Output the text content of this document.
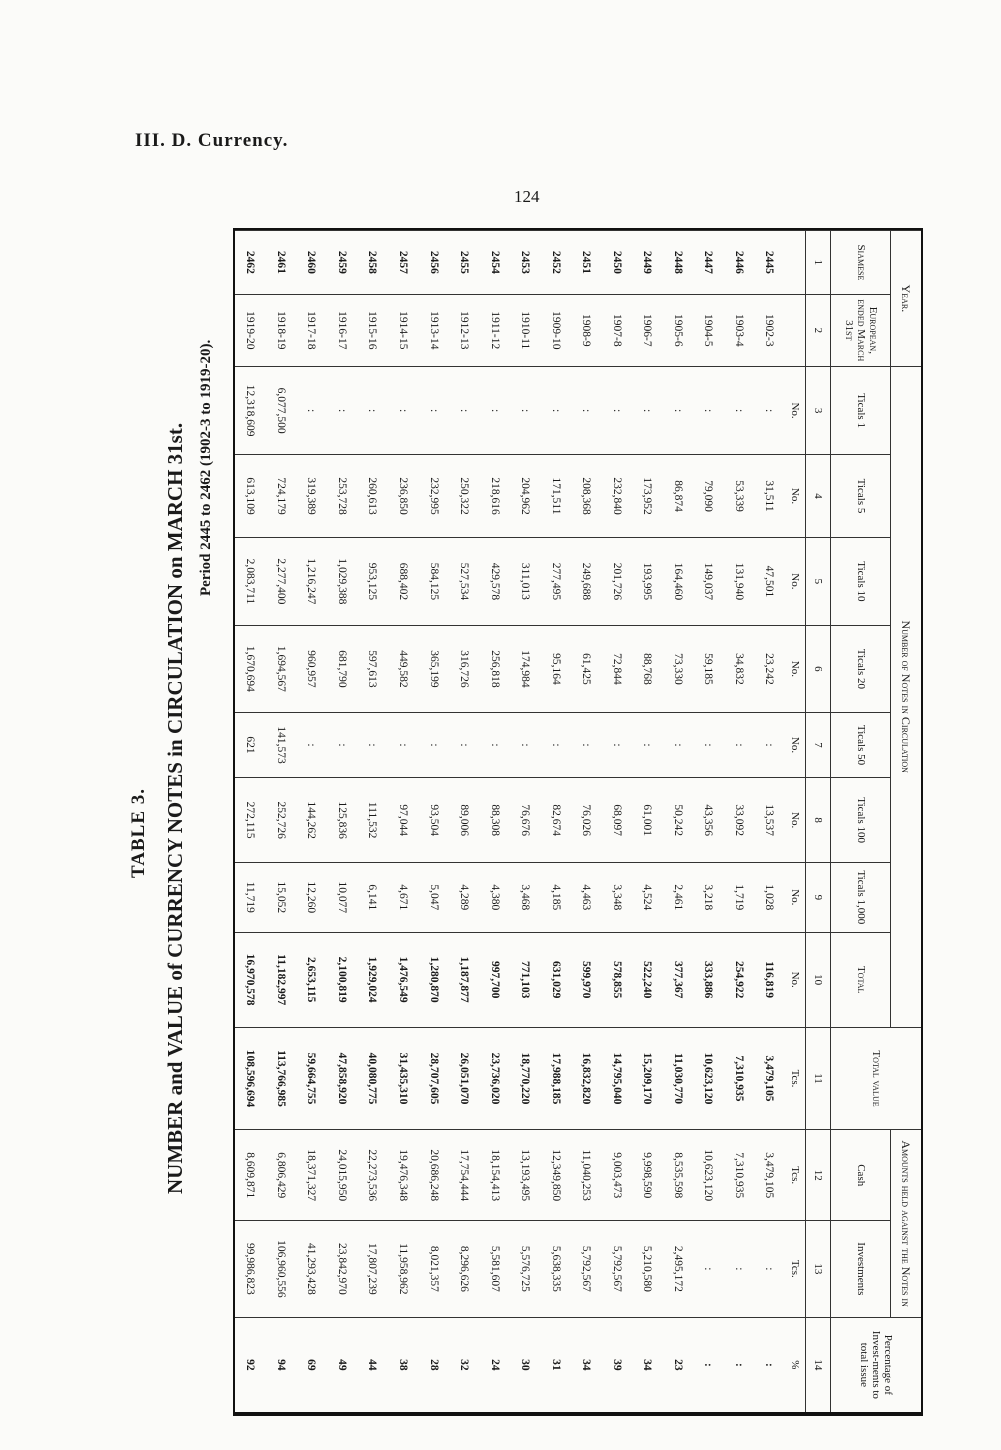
III. D. Currency.
124
TABLE 3. NUMBER and VALUE of CURRENCY NOTES in CIRCULATION on MARCH 31st. Period 2445 to 2462 (1902-3 to 1919-20).
Year.		Number of Notes in Circulation								Total value	Amounts held against the Notes in		Percentage of Invest-ments to total issue
Siamese	European, ended March 31st	Ticals 1	Ticals 5	Ticals 10	Ticals 20	Ticals 50	Ticals 100	Ticals 1,000	Total		Cash	Investments	
1	2	3	4	5	6	7	8	9	10	11	12	13	14
		No.	No.	No.	No.	No.	No.	No.	No.	Tcs.	Tcs.	Tcs.	%
2445	1902-3	:	31,511	47,501	23,242	:	13,537	1,028	116,819	3,479,105	3,479,105	:	:
2446	1903-4	:	53,339	131,940	34,832	:	33,092	1,719	254,922	7,310,935	7,310,935	:	:
2447	1904-5	:	79,090	149,037	59,185	:	43,356	3,218	333,886	10,623,120	10,623,120	:	:
2448	1905-6	:	86,874	164,460	73,330	:	50,242	2,461	377,367	11,030,770	8,535,598	2,495,172	23
2449	1906-7	:	173,952	193,995	88,768	:	61,001	4,524	522,240	15,209,170	9,998,590	5,210,580	34
2450	1907-8	:	232,840	201,726	72,844	:	68,097	3,348	578,855	14,795,040	9,003,473	5,792,567	39
2451	1908-9	:	208,368	249,688	61,425	:	76,026	4,463	599,970	16,832,820	11,040,253	5,792,567	34
2452	1909-10	:	171,511	277,495	95,164	:	82,674	4,185	631,029	17,988,185	12,349,850	5,638,335	31
2453	1910-11	:	204,962	311,013	174,984	:	76,676	3,468	771,103	18,770,220	13,193,495	5,576,725	30
2454	1911-12	:	218,616	429,578	256,818	:	88,308	4,380	997,700	23,736,020	18,154,413	5,581,607	24
2455	1912-13	:	250,322	527,534	316,726	:	89,006	4,289	1,187,877	26,051,070	17,754,444	8,296,626	32
2456	1913-14	:	232,995	584,125	365,199	:	93,504	5,047	1,280,870	28,707,605	20,686,248	8,021,357	28
2457	1914-15	:	236,850	688,402	449,582	:	97,044	4,671	1,476,549	31,435,310	19,476,348	11,958,962	38
2458	1915-16	:	260,613	953,125	597,613	:	111,532	6,141	1,929,024	40,080,775	22,273,536	17,807,239	44
2459	1916-17	:	253,728	1,029,388	681,790	:	125,836	10,077	2,100,819	47,858,920	24,015,950	23,842,970	49
2460	1917-18	:	319,389	1,216,247	960,957	:	144,262	12,260	2,653,115	59,664,755	18,371,327	41,293,428	69
2461	1918-19	6,077,500	724,179	2,277,400	1,694,567	141,573	252,726	15,052	11,182,997	113,766,985	6,806,429	106,960,556	94
2462	1919-20	12,318,609	613,109	2,083,711	1,670,694	621	272,115	11,719	16,970,578	108,596,694	8,609,871	99,986,823	92
